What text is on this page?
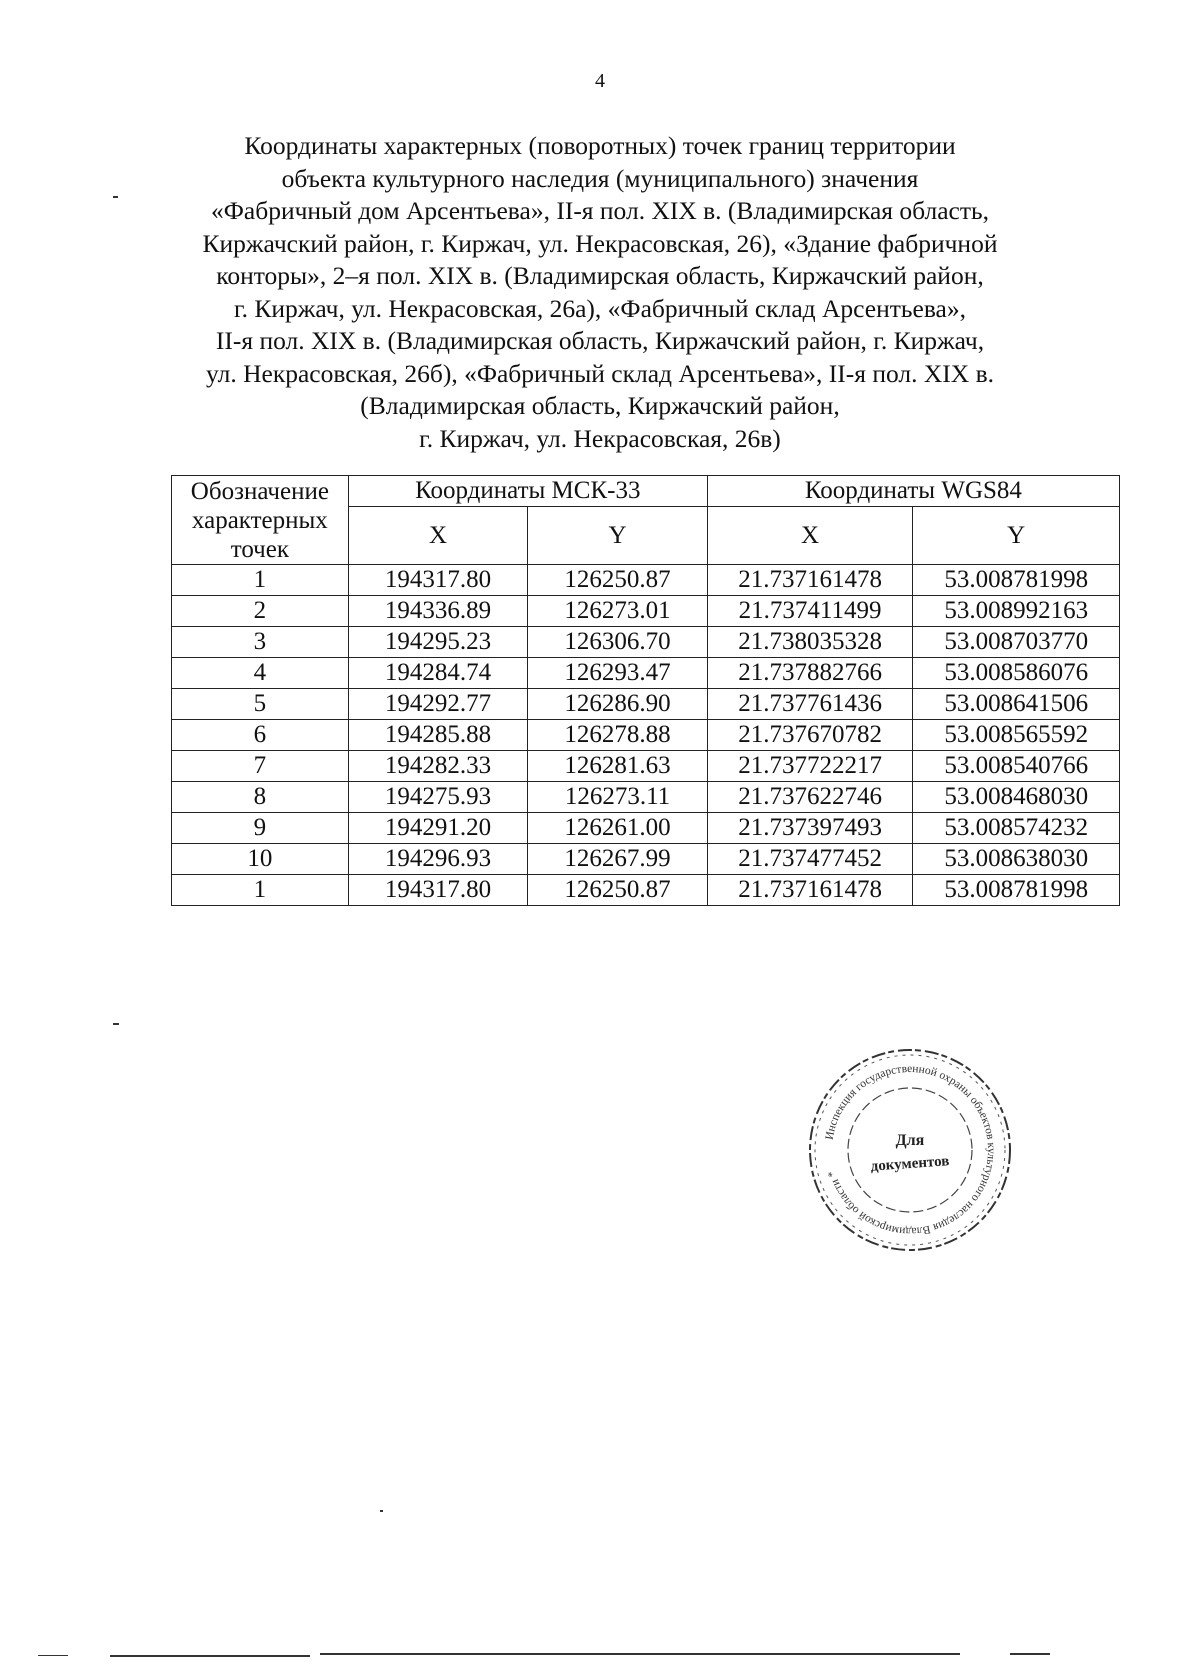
4
Координаты характерных (поворотных) точек границ территории
объекта культурного наследия (муниципального) значения
«Фабричный дом Арсентьева», II-я пол. XIX в. (Владимирская область,
Киржачский район, г. Киржач, ул. Некрасовская, 26), «Здание фабричной
конторы», 2–я пол. XIX в. (Владимирская область, Киржачский район,
г. Киржач, ул. Некрасовская, 26а), «Фабричный склад Арсентьева»,
II-я пол. XIX в. (Владимирская область, Киржачский район, г. Киржач,
ул. Некрасовская, 26б), «Фабричный склад Арсентьева», II-я пол. XIX в.
(Владимирская область, Киржачский район,
г. Киржач, ул. Некрасовская, 26в)
Обозначение характерных точек	Координаты МСК-33		Координаты WGS84	
	X	Y	X	Y
1	194317.80	126250.87	21.737161478	53.008781998
2	194336.89	126273.01	21.737411499	53.008992163
3	194295.23	126306.70	21.738035328	53.008703770
4	194284.74	126293.47	21.737882766	53.008586076
5	194292.77	126286.90	21.737761436	53.008641506
6	194285.88	126278.88	21.737670782	53.008565592
7	194282.33	126281.63	21.737722217	53.008540766
8	194275.93	126273.11	21.737622746	53.008468030
9	194291.20	126261.00	21.737397493	53.008574232
10	194296.93	126267.99	21.737477452	53.008638030
1	194317.80	126250.87	21.737161478	53.008781998
Инспекция государственной охраны объектов культурного наследия Владимирской области *
Для
документов
